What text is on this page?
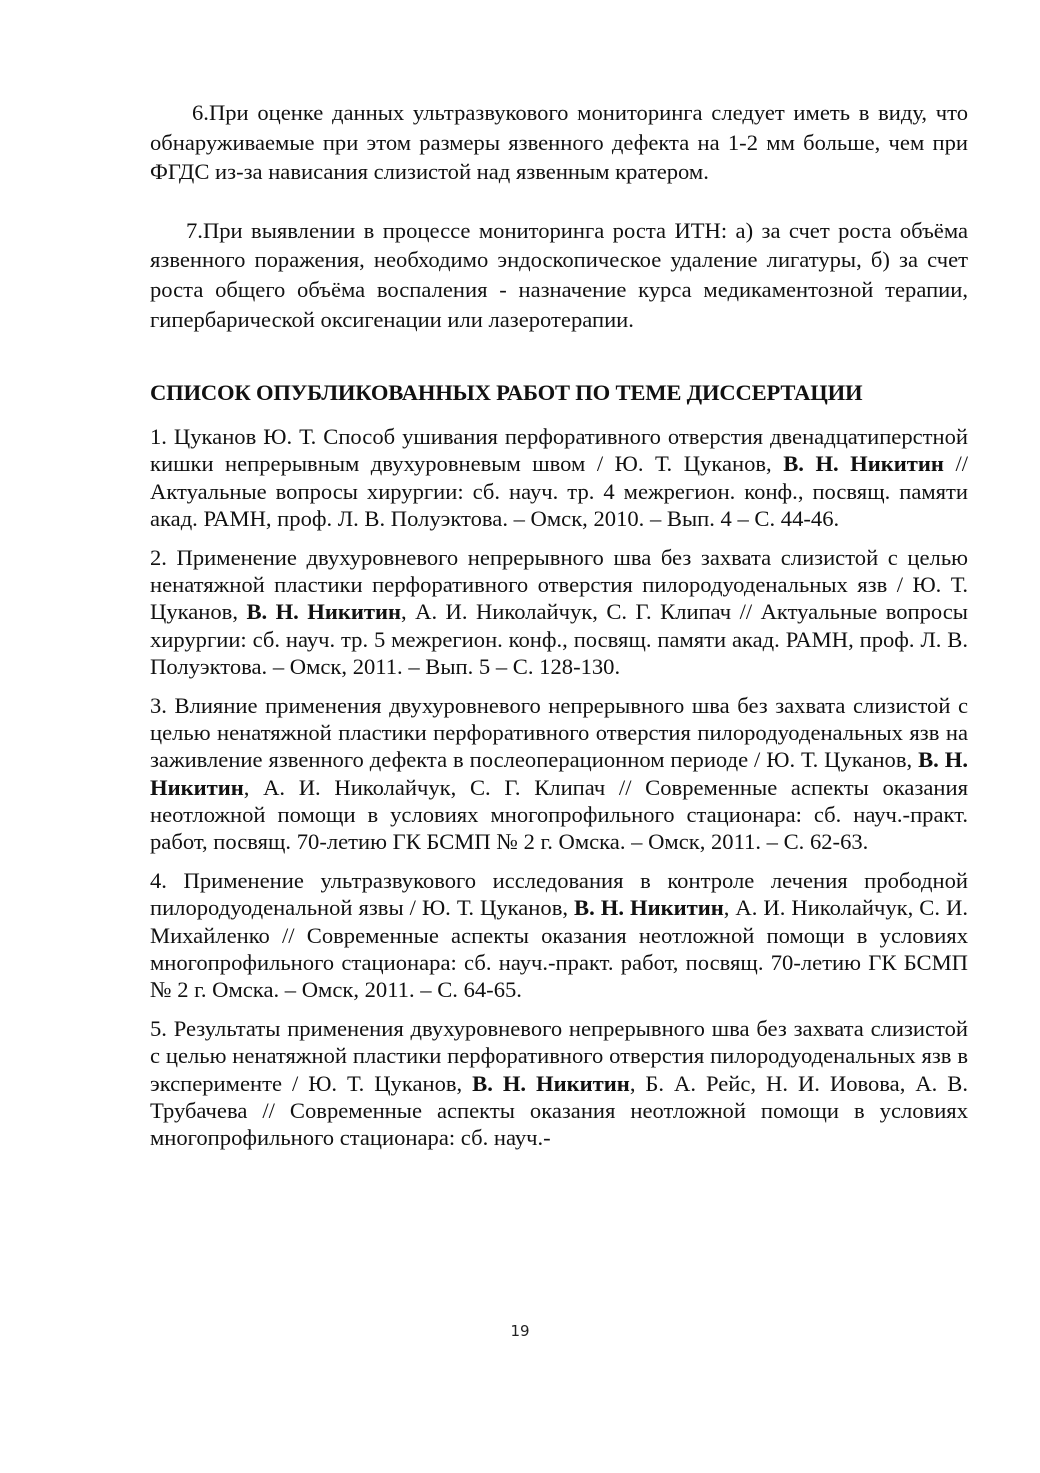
6.При оценке данных ультразвукового мониторинга следует иметь в виду, что обнаруживаемые при этом размеры язвенного дефекта на 1-2 мм больше, чем при ФГДС из-за нависания слизистой над язвенным кратером.

7.При выявлении в процессе мониторинга роста ИТН: а) за счет роста объёма язвенного поражения, необходимо эндоскопическое удаление лигатуры, б) за счет роста общего объёма воспаления - назначение курса медикаментозной терапии, гипербарической оксигенации или лазеротерапии.

СПИСОК ОПУБЛИКОВАННЫХ РАБОТ ПО ТЕМЕ ДИССЕРТАЦИИ

1. Цуканов Ю. Т. Способ ушивания перфоративного отверстия двенадцатиперстной кишки непрерывным двухуровневым швом / Ю. Т. Цуканов, В. Н. Никитин // Актуальные вопросы хирургии: сб. науч. тр. 4 межрегион. конф., посвящ. памяти акад. РАМН, проф. Л. В. Полуэктова. – Омск, 2010. – Вып. 4 – С. 44-46.

2. Применение двухуровневого непрерывного шва без захвата слизистой с целью ненатяжной пластики перфоративного отверстия пилородуоденальных язв / Ю. Т. Цуканов, В. Н. Никитин, А. И. Николайчук, С. Г. Клипач // Актуальные вопросы хирургии: сб. науч. тр. 5 межрегион. конф., посвящ. памяти акад. РАМН, проф. Л. В. Полуэктова. – Омск, 2011. – Вып. 5 – С. 128-130.

3. Влияние применения двухуровневого непрерывного шва без захвата слизистой с целью ненатяжной пластики перфоративного отверстия пилородуоденальных язв на заживление язвенного дефекта в послеоперационном периоде / Ю. Т. Цуканов, В. Н. Никитин, А. И. Николайчук, С. Г. Клипач // Современные аспекты оказания неотложной помощи в условиях многопрофильного стационара: сб. науч.-практ. работ, посвящ. 70-летию ГК БСМП № 2 г. Омска. – Омск, 2011. – С. 62-63.

4. Применение ультразвукового исследования в контроле лечения прободной пилородуоденальной язвы / Ю. Т. Цуканов, В. Н. Никитин, А. И. Николайчук, С. И. Михайленко // Современные аспекты оказания неотложной помощи в условиях многопрофильного стационара: сб. науч.-практ. работ, посвящ. 70-летию ГК БСМП № 2 г. Омска. – Омск, 2011. – С. 64-65.

5. Результаты применения двухуровневого непрерывного шва без захвата слизистой с целью ненатяжной пластики перфоративного отверстия пилородуоденальных язв в эксперименте / Ю. Т. Цуканов, В. Н. Никитин, Б. А. Рейс, Н. И. Иовова, А. В. Трубачева // Современные аспекты оказания неотложной помощи в условиях многопрофильного стационара: сб. науч.-

19
